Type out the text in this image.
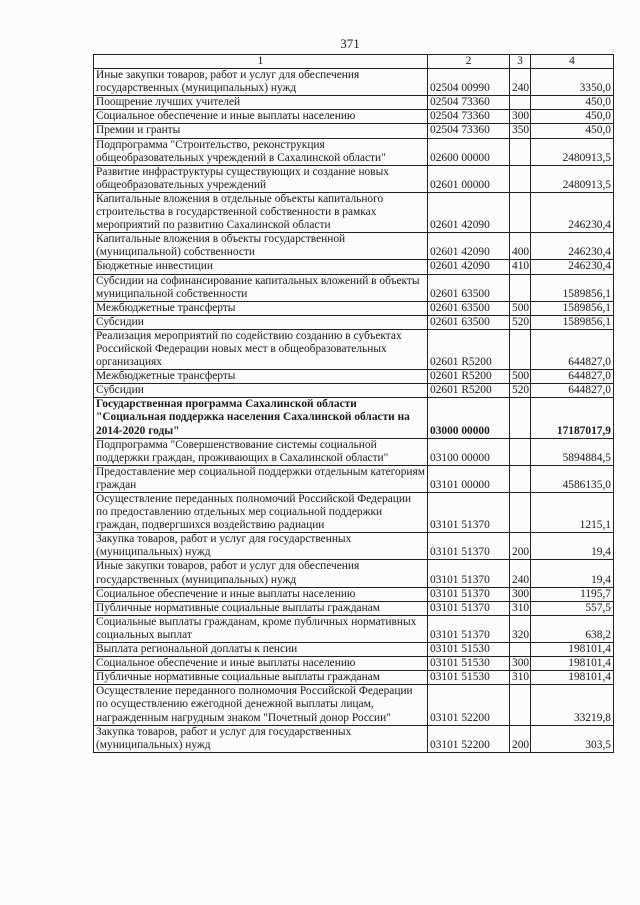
371
1	2	3	4
Иные закупки товаров, работ и услуг для обеспечения государственных (муниципальных) нужд	02504 00990	240	3350,0
Поощрение лучших учителей	02504 73360		450,0
Социальное обеспечение и иные выплаты населению	02504 73360	300	450,0
Премии и гранты	02504 73360	350	450,0
Подпрограмма "Строительство, реконструкция общеобразовательных учреждений в Сахалинской области"	02600 00000		2480913,5
Развитие инфраструктуры существующих и создание новых общеобразовательных учреждений	02601 00000		2480913,5
Капитальные вложения в отдельные объекты капитального строительства в государственной собственности в рамках мероприятий по развитию Сахалинской области	02601 42090		246230,4
Капитальные вложения в объекты государственной (муниципальной) собственности	02601 42090	400	246230,4
Бюджетные инвестиции	02601 42090	410	246230,4
Субсидии на софинансирование капитальных вложений в объекты муниципальной собственности	02601 63500		1589856,1
Межбюджетные трансферты	02601 63500	500	1589856,1
Субсидии	02601 63500	520	1589856,1
Реализация мероприятий по содействию созданию в субъектах Российской Федерации новых мест в общеобразовательных организациях	02601 R5200		644827,0
Межбюджетные трансферты	02601 R5200	500	644827,0
Субсидии	02601 R5200	520	644827,0
Государственная программа Сахалинской области "Социальная поддержка населения Сахалинской области на 2014-2020 годы"	03000 00000		17187017,9
Подпрограмма "Совершенствование системы социальной поддержки граждан, проживающих в Сахалинской области"	03100 00000		5894884,5
Предоставление мер социальной поддержки отдельным категориям граждан	03101 00000		4586135,0
Осуществление переданных полномочий Российской Федерации по предоставлению отдельных мер социальной поддержки граждан, подвергшихся воздействию радиации	03101 51370		1215,1
Закупка товаров, работ и услуг для государственных (муниципальных) нужд	03101 51370	200	19,4
Иные закупки товаров, работ и услуг для обеспечения государственных (муниципальных) нужд	03101 51370	240	19,4
Социальное обеспечение и иные выплаты населению	03101 51370	300	1195,7
Публичные нормативные социальные выплаты гражданам	03101 51370	310	557,5
Социальные выплаты гражданам, кроме публичных нормативных социальных выплат	03101 51370	320	638,2
Выплата региональной доплаты к пенсии	03101 51530		198101,4
Социальное обеспечение и иные выплаты населению	03101 51530	300	198101,4
Публичные нормативные социальные выплаты гражданам	03101 51530	310	198101,4
Осуществление переданного полномочия Российской Федерации по осуществлению ежегодной денежной выплаты лицам, награжденным нагрудным знаком "Почетный донор России"	03101 52200		33219,8
Закупка товаров, работ и услуг для государственных (муниципальных) нужд	03101 52200	200	303,5
